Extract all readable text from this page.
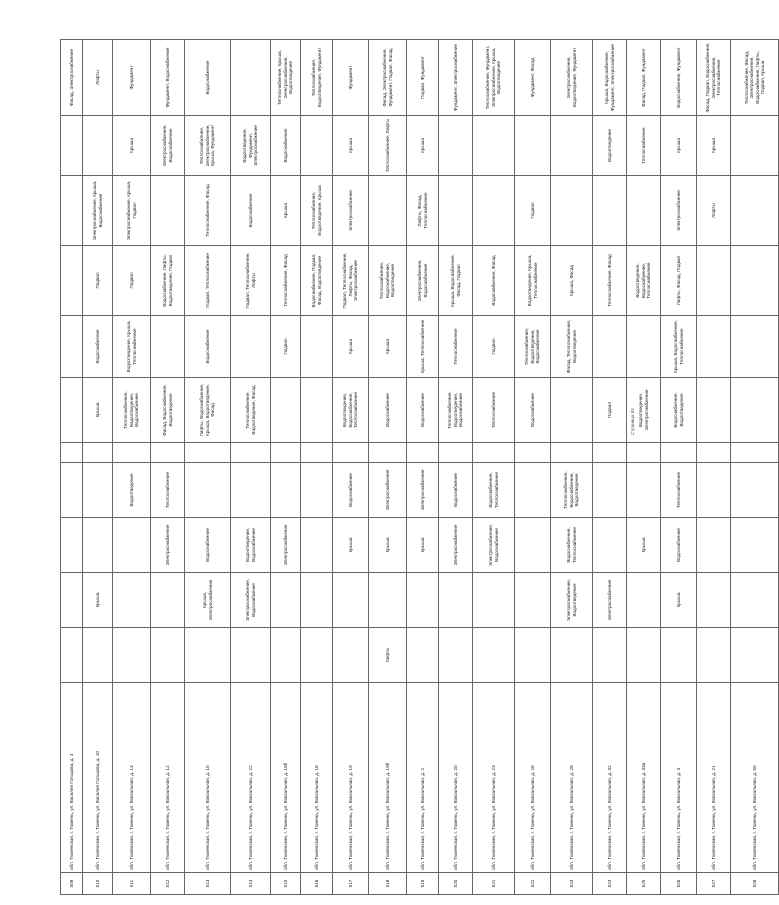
509	обл. Тюменская, г. Тюмень, ул. Василия Гольцова, д. 3											Фасад, Электроснабжение
510	обл. Тюменская, г. Тюмень, ул. Василия Гольцова, д. 10		Крыша				Крыша	Водоснабжение	Подвал	Электроснабжение, Крыша, Водоснабжение		Лифты
511	обл. Тюменская, г. Тюмень, ул. Вокзальная, д. 14				Водоотведение		Теплоснабжение, Водоотведение, Водоснабжение	Водоотведение, Крыша, Теплоснабжение	Подвал	Электроснабжение, Крыша, Подвал	Крыша	Фундамент
512	обл. Тюменская, г. Тюмень, ул. Вокзальная, д. 12			Электроснабжение	Теплоснабжение		Фасад, Водоснабжение, Водоотведение		Водоснабжение, Лифты, Водоотведение, Подвал		Электроснабжение, Водоснабжение	Фундамент, Водоснабжение
513	обл. Тюменская, г. Тюмень, ул. Вокзальная, д. 15		Крыша, Электроснабжение	Водоснабжение			Лифты, Водоснабжение, Крыша, Водоотведение, Фасад	Водоснабжение	Подвал, Теплоснабжение	Теплоснабжение, Фасад	Теплоснабжение, Электроснабжение, Крыша, Фундамент	Водоснабжение
514	обл. Тюменская, г. Тюмень, ул. Вокзальная, д. 22		Электроснабжение, Водоснабжение	Водоотведение, Водоснабжение			Теплоснабжение, Водоотведение, Фасад		Подвал, Теплоснабжение, Лифты	Водоснабжение	Водоотведение, Фундамент, Электроснабжение	
515	обл. Тюменская, г. Тюмень, ул. Вокзальная, д. 18б			Электроснабжение				Подвал	Теплоснабжение, Фасад	Крыша	Водоснабжение	Теплоснабжение, Крыша, Электроснабжение, Водоотведение
516	обл. Тюменская, г. Тюмень, ул. Вокзальная, д. 18								Водоснабжение, Подвал, Фасад, Водоотведение	Теплоснабжение, Водоотведение, Крыша		Теплоснабжение, Водоотведение, Фундамент
517	обл. Тюменская, г. Тюмень, ул. Вокзальная, д. 19			Крыша	Водоснабжение		Водоотведение, Водоснабжение, Теплоснабжение	Крыша	Подвал, Теплоснабжение, Лифты, Фасад, Электроснабжение	Электроснабжение	Крыша	Фундамент
518	обл. Тюменская, г. Тюмень, ул. Вокзальная, д. 19б	Лифты		Крыша	Электроснабжение		Водоснабжение	Крыша	Теплоснабжение, Водоснабжение, Водоотведение		Теплоснабжение, Лифты	Фасад, Электроснабжение, Фундамент, Подвал, Фасад
519	обл. Тюменская, г. Тюмень, ул. Вокзальная, д. 2			Крыша	Электроснабжение		Водоснабжение	Крыша, Теплоснабжение	Электроснабжение, Водоснабжение	Лифты, Фасад, Теплоснабжение	Крыша	Подвал, Фундамент
520	обл. Тюменская, г. Тюмень, ул. Вокзальная, д. 20			Электроснабжение	Водоснабжение		Теплоснабжение, Водоотведение, Водоснабжение	Теплоснабжение	Крыша, Водоснабжение, Фасад, Подвал			Фундамент, Электроснабжение
521	обл. Тюменская, г. Тюмень, ул. Вокзальная, д. 23			Электроснабжение, Водоснабжение	Водоснабжение, Теплоснабжение		Теплоснабжение	Подвал	Водоснабжение, Фасад			Теплоснабжение, Фундамент, Электроснабжение, Крыша, Водоотведение
522	обл. Тюменская, г. Тюмень, ул. Вокзальная, д. 26						Водоснабжение	Теплоснабжение, Водоотведение, Водоснабжение	Водоотведение, Крыша, Теплоснабжение	Подвал		Фундамент, Фасад
523	обл. Тюменская, г. Тюмень, ул. Вокзальная, д. 28		Электроснабжение, Водоотведение	Водоснабжение, Теплоснабжение	Теплоснабжение, Водоснабжение, Водоотведение			Фасад, Теплоснабжение, Водоотведение	Крыша, Фасад			Электроснабжение, Водоотведение, Фундамент
524	обл. Тюменская, г. Тюмень, ул. Вокзальная, д. 32		Электроснабжение				Подвал		Теплоснабжение, Фасад		Водоотведение	Крыша, Водоснабжение, Фундамент, Электроснабжение
525	обл. Тюменская, г. Тюмень, ул. Вокзальная, д. 33а			Крыша			Водоотведение, Электроснабжение		Водоотведение, Водоснабжение, Теплоснабжение		Теплоснабжение	Фасад, Подвал, Фундамент
526	обл. Тюменская, г. Тюмень, ул. Вокзальная, д. 4		Крыша	Водоснабжение	Теплоснабжение		Водоснабжение, Водоотведение	Крыша, Водоснабжение, Теплоснабжение	Лифты, Фасад, Подвал	Электроснабжение	Крыша	Водоснабжение, Фундамент
527	обл. Тюменская, г. Тюмень, ул. Вокзальная, д. 21									Лифты	Крыша	Фасад, Подвал, Водоснабжение, Электроснабжение, Теплоснабжение
528	обл. Тюменская, г. Тюмень, ул. Вокзальная, д. 55											Теплоснабжение, Фасад, Электроснабжение, Водоснабжение, Лифты, Подвал, Крыша
Страница 83
